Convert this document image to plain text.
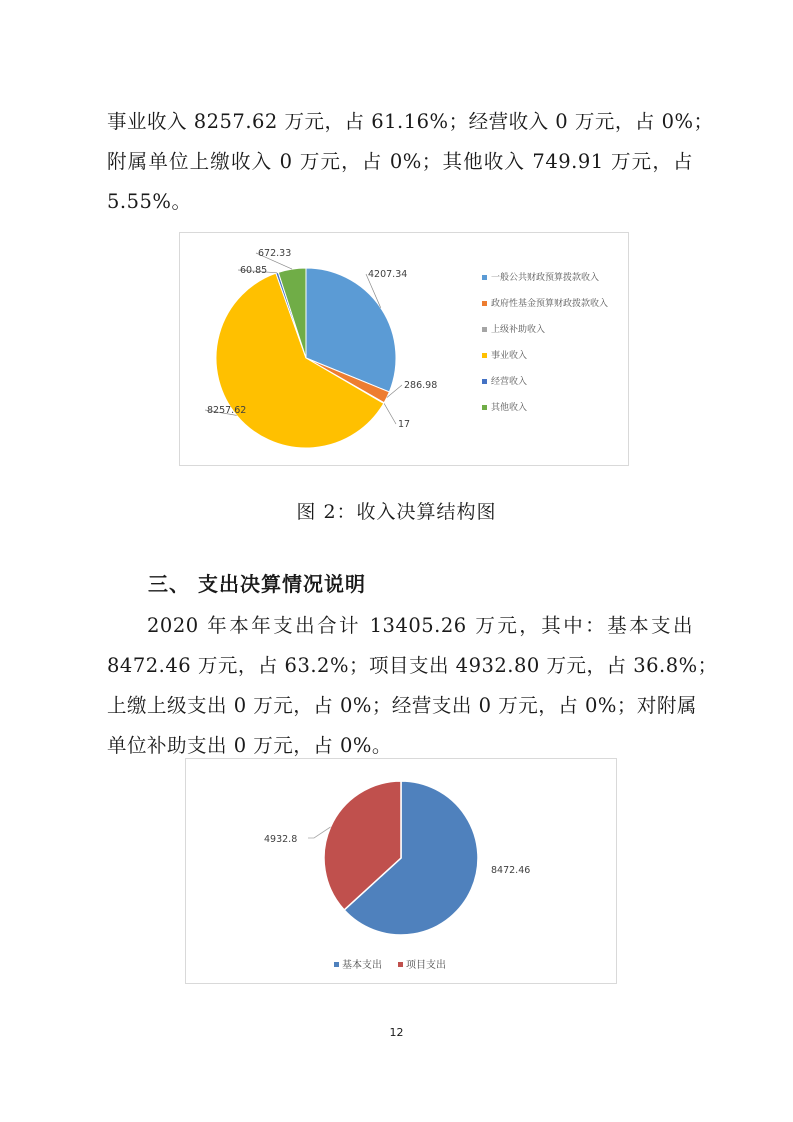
事业收入 8257.62 万元，占 61.16%；经营收入 0 万元，占 0%；
附属单位上缴收入 0 万元，占 0%；其他收入 749.91 万元，占
5.55%。
4207.34
286.98
17
8257.62
60.85
672.33
一般公共财政预算拨款收入
政府性基金预算财政拨款收入
上级补助收入
事业收入
经营收入
其他收入
图 2：收入决算结构图
三、 支出决算情况说明
2020 年本年支出合计 13405.26 万元，其中：基本支出
8472.46 万元，占 63.2%；项目支出 4932.80 万元，占 36.8%；
上缴上级支出 0 万元，占 0%；经营支出 0 万元，占 0%；对附属
单位补助支出 0 万元，占 0%。
8472.46
4932.8
基本支出 项目支出
12
